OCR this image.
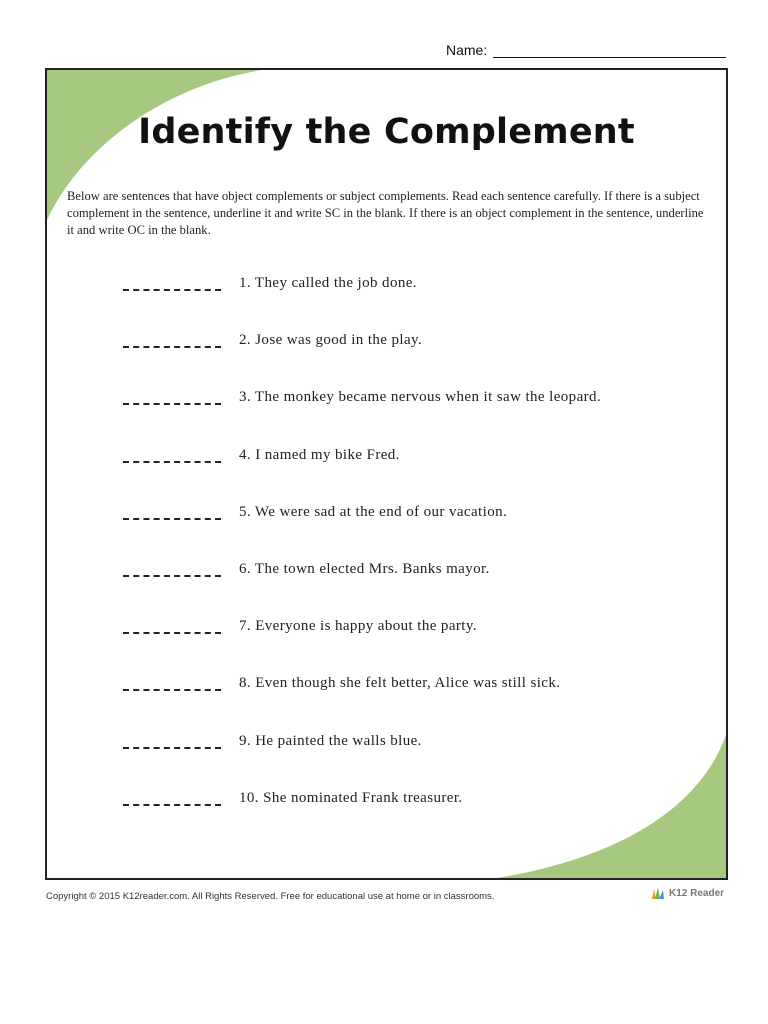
Name:
Identify the Complement
Below are sentences that have object complements or subject complements. Read each sentence carefully. If there is a subject complement in the sentence, underline it and write SC in the blank. If there is an object complement in the sentence, underline it and write OC in the blank.
1. They called the job done.
2. Jose was good in the play.
3. The monkey became nervous when it saw the leopard.
4. I named my bike Fred.
5. We were sad at the end of our vacation.
6. The town elected Mrs. Banks mayor.
7. Everyone is happy about the party.
8. Even though she felt better, Alice was still sick.
9. He painted the walls blue.
10. She nominated Frank treasurer.
Copyright © 2015 K12reader.com. All Rights Reserved. Free for educational use at home or in classrooms.	K12 Reader
